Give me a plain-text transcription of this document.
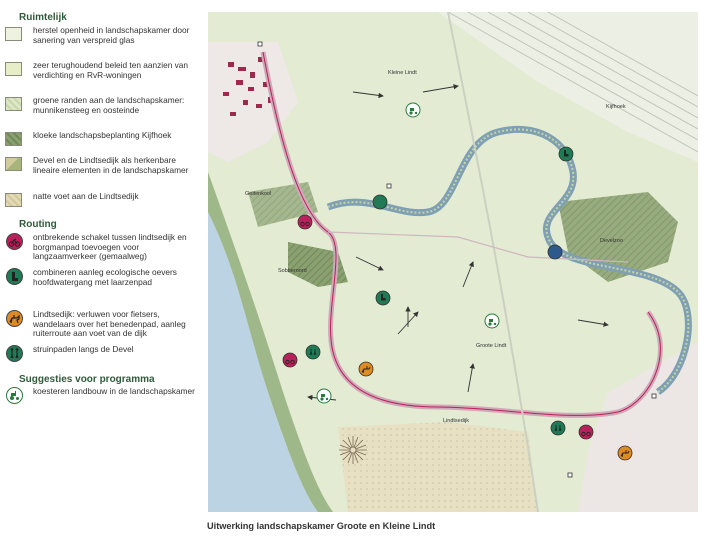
Ruimtelijk
herstel openheid in landschapskamer door sanering van verspreid glas
zeer terughoudend beleid ten aanzien van verdichting en RvR-woningen
groene randen aan de landschapskamer: munnikensteeg en oosteinde
kloeke landschapsbeplanting Kijfhoek
Devel en de Lindtsedijk als herkenbare lineaire elementen in de landschapskamer
natte voet aan de Lindtsedijk
Routing
ontbrekende schakel tussen lindtsedijk en borgmanpad toevoegen voor langzaamverkeer (gemaalweg)
combineren aanleg ecologische oevers hoofdwatergang met laarzenpad
Lindtsedijk: verluwen voor fietsers, wandelaars over het benedenpad, aanleg ruiterroute aan voet van de dijk
struinpaden langs de Devel
Suggesties voor programma
koesteren landbouw in de landschapskamer
Kleine Lindt
Kijfhoek
Geitenkool
Develzoo
Sobberoord
Groote Lindt
Lindtsedijk
Uitwerking landschapskamer Groote en Kleine Lindt
